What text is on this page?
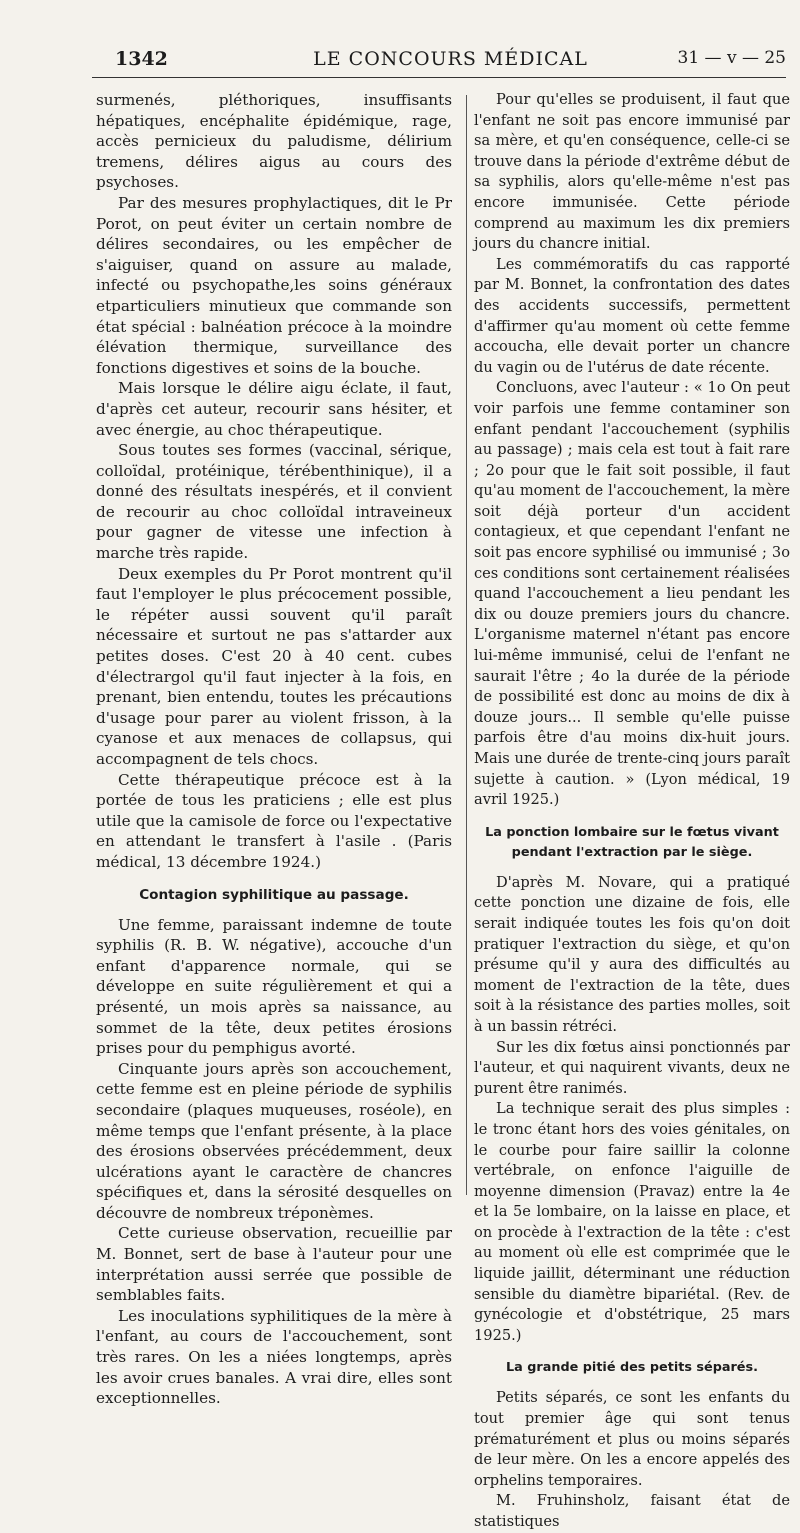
1342	LE CONCOURS MÉDICAL	31 — v — 25

surmenés, pléthoriques, insuffisants hépatiques, encéphalite épidémique, rage, accès pernicieux du paludisme, délirium tremens, délires aigus au cours des psychoses.

Par des mesures prophylactiques, dit le Pr Porot, on peut éviter un certain nombre de délires secondaires, ou les empêcher de s'aiguiser, quand on assure au malade, infecté ou psychopathe,les soins généraux etparticuliers minutieux que commande son état spécial : balnéation précoce à la moindre élévation thermique, surveillance des fonctions digestives et soins de la bouche.

Mais lorsque le délire aigu éclate, il faut, d'après cet auteur, recourir sans hésiter, et avec énergie, au choc thérapeutique.

Sous toutes ses formes (vaccinal, sérique, colloïdal, protéinique, térébenthinique), il a donné des résultats inespérés, et il convient de recourir au choc colloïdal intraveineux pour gagner de vitesse une infection à marche très rapide.

Deux exemples du Pr Porot montrent qu'il faut l'employer le plus précocement possible, le répéter aussi souvent qu'il paraît nécessaire et surtout ne pas s'attarder aux petites doses. C'est 20 à 40 cent. cubes d'électrargol qu'il faut injecter à la fois, en prenant, bien entendu, toutes les précautions d'usage pour parer au violent frisson, à la cyanose et aux menaces de collapsus, qui accompagnent de tels chocs.

Cette thérapeutique précoce est à la portée de tous les praticiens ; elle est plus utile que la camisole de force ou l'expectative en attendant le transfert à l'asile . (Paris médical, 13 décembre 1924.)

Contagion syphilitique au passage.

Une femme, paraissant indemne de toute syphilis (R. B. W. négative), accouche d'un enfant d'apparence normale, qui se développe en suite régulièrement et qui a présenté, un mois après sa naissance, au sommet de la tête, deux petites érosions prises pour du pemphigus avorté.

Cinquante jours après son accouchement, cette femme est en pleine période de syphilis secondaire (plaques muqueuses, roséole), en même temps que l'enfant présente, à la place des érosions observées précédemment, deux ulcérations ayant le caractère de chancres spécifiques et, dans la sérosité desquelles on découvre de nombreux tréponèmes.

Cette curieuse observation, recueillie par M. Bonnet, sert de base à l'auteur pour une interprétation aussi serrée que possible de semblables faits.

Les inoculations syphilitiques de la mère à l'enfant, au cours de l'accouchement, sont très rares. On les a niées longtemps, après les avoir crues banales. A vrai dire, elles sont exceptionnelles.

Pour qu'elles se produisent, il faut que l'enfant ne soit pas encore immunisé par sa mère, et qu'en conséquence, celle-ci se trouve dans la période d'extrême début de sa syphilis, alors qu'elle-même n'est pas encore immunisée. Cette période comprend au maximum les dix premiers jours du chancre initial.

Les commémoratifs du cas rapporté par M. Bonnet, la confrontation des dates des accidents successifs, permettent d'affirmer qu'au moment où cette femme accoucha, elle devait porter un chancre du vagin ou de l'utérus de date récente.

Concluons, avec l'auteur : « 1o On peut voir parfois une femme contaminer son enfant pendant l'accouchement (syphilis au passage) ; mais cela est tout à fait rare ; 2o pour que le fait soit possible, il faut qu'au moment de l'accouchement, la mère soit déjà porteur d'un accident contagieux, et que cependant l'enfant ne soit pas encore syphilisé ou immunisé ; 3o ces conditions sont certainement réalisées quand l'accouchement a lieu pendant les dix ou douze premiers jours du chancre. L'organisme maternel n'étant pas encore lui-même immunisé, celui de l'enfant ne saurait l'être ; 4o la durée de la période de possibilité est donc au moins de dix à douze jours... Il semble qu'elle puisse parfois être d'au moins dix-huit jours. Mais une durée de trente-cinq jours paraît sujette à caution. » (Lyon médical, 19 avril 1925.)

La ponction lombaire sur le fœtus vivant pendant l'extraction par le siège.

D'après M. Novare, qui a pratiqué cette ponction une dizaine de fois, elle serait indiquée toutes les fois qu'on doit pratiquer l'extraction du siège, et qu'on présume qu'il y aura des difficultés au moment de l'extraction de la tête, dues soit à la résistance des parties molles, soit à un bassin rétréci.

Sur les dix fœtus ainsi ponctionnés par l'auteur, et qui naquirent vivants, deux ne purent être ranimés.

La technique serait des plus simples : le tronc étant hors des voies génitales, on le courbe pour faire saillir la colonne vertébrale, on enfonce l'aiguille de moyenne dimension (Pravaz) entre la 4e et la 5e lombaire, on la laisse en place, et on procède à l'extraction de la tête : c'est au moment où elle est comprimée que le liquide jaillit, déterminant une réduction sensible du diamètre bipariétal. (Rev. de gynécologie et d'obstétrique, 25 mars 1925.)

La grande pitié des petits séparés.

Petits séparés, ce sont les enfants du tout premier âge qui sont tenus prématurément et plus ou moins séparés de leur mère. On les a encore appelés des orphelins temporaires.

M. Fruhinsholz, faisant état de statistiques
